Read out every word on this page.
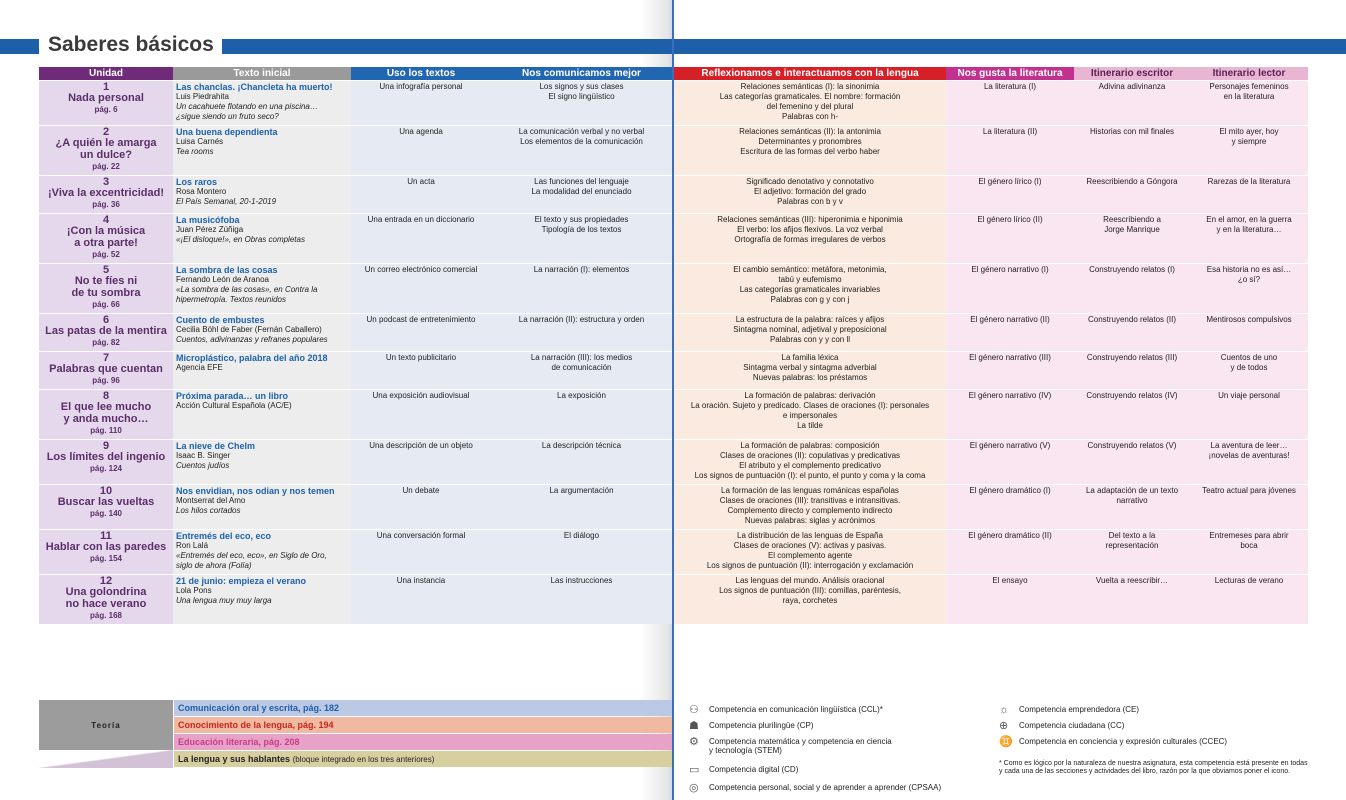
Saberes básicos
Unidad	Texto inicial	Uso los textos	Nos comunicamos mejor		Reflexionamos e interactuamos con la lengua	Nos gusta la literatura	Itinerario escritor	Itinerario lector

1
Nada personal
pág. 6	Las chanclas. ¡Chancleta ha muerto!
Luis Piedrahita
Un cacahuete flotando en una piscina…
¿sigue siendo un fruto seco?	Una infografía personal	Los signos y sus clases
El signo lingüístico		Relaciones semánticas (I): la sinonimia
Las categorías gramaticales. El nombre: formación
del femenino y del plural
Palabras con h-	La literatura (I)	Adivina adivinanza	Personajes femeninos
en la literatura

2
¿A quién le amarga
un dulce?
pág. 22	Una buena dependienta
Luisa Carnés
Tea rooms	Una agenda	La comunicación verbal y no verbal
Los elementos de la comunicación		Relaciones semánticas (II): la antonimia
Determinantes y pronombres
Escritura de las formas del verbo haber	La literatura (II)	Historias con mil finales	El mito ayer, hoy
y siempre

3
¡Viva la excentricidad!
pág. 36	Los raros
Rosa Montero
El País Semanal, 20-1-2019	Un acta	Las funciones del lenguaje
La modalidad del enunciado		Significado denotativo y connotativo
El adjetivo: formación del grado
Palabras con b y v	El género lírico (I)	Reescribiendo a Góngora	Rarezas de la literatura

4
¡Con la música
a otra parte!
pág. 52	La musicófoba
Juan Pérez Zúñiga
«¡El disloque!», en Obras completas	Una entrada en un diccionario	El texto y sus propiedades
Tipología de los textos		Relaciones semánticas (III): hiperonimia e hiponimia
El verbo: los afijos flexivos. La voz verbal
Ortografía de formas irregulares de verbos	El género lírico (II)	Reescribiendo a
Jorge Manrique	En el amor, en la guerra
y en la literatura…

5
No te fíes ni
de tu sombra
pág. 66	La sombra de las cosas
Fernando León de Aranoa
«La sombra de las cosas», en Contra la
hipermetropía. Textos reunidos	Un correo electrónico comercial	La narración (I): elementos		El cambio semántico: metáfora, metonimia,
tabú y eufemismo
Las categorías gramaticales invariables
Palabras con g y con j	El género narrativo (I)	Construyendo relatos (I)	Esa historia no es así…
¿o sí?

6
Las patas de la mentira
pág. 82	Cuento de embustes
Cecilia Böhl de Faber (Fernán Caballero)
Cuentos, adivinanzas y refranes populares	Un podcast de entretenimiento	La narración (II): estructura y orden		La estructura de la palabra: raíces y afijos
Sintagma nominal, adjetival y preposicional
Palabras con y y con ll	El género narrativo (II)	Construyendo relatos (II)	Mentirosos compulsivos

7
Palabras que cuentan
pág. 96	Microplástico, palabra del año 2018
Agencia EFE	Un texto publicitario	La narración (III): los medios
de comunicación		La familia léxica
Sintagma verbal y sintagma adverbial
Nuevas palabras: los préstamos	El género narrativo (III)	Construyendo relatos (III)	Cuentos de uno
y de todos

8
El que lee mucho
y anda mucho…
pág. 110	Próxima parada… un libro
Acción Cultural Española (AC/E)	Una exposición audiovisual	La exposición		La formación de palabras: derivación
La oración. Sujeto y predicado. Clases de oraciones (I): personales
e impersonales
La tilde	El género narrativo (IV)	Construyendo relatos (IV)	Un viaje personal

9
Los límites del ingenio
pág. 124	La nieve de Chelm
Isaac B. Singer
Cuentos judíos	Una descripción de un objeto	La descripción técnica		La formación de palabras: composición
Clases de oraciones (II): copulativas y predicativas
El atributo y el complemento predicativo
Los signos de puntuación (I): el punto, el punto y coma y la coma	El género narrativo (V)	Construyendo relatos (V)	La aventura de leer…
¡novelas de aventuras!

10
Buscar las vueltas
pág. 140	Nos envidian, nos odian y nos temen
Montserrat del Amo
Los hilos cortados	Un debate	La argumentación		La formación de las lenguas románicas españolas
Clases de oraciones (III): transitivas e intransitivas.
Complemento directo y complemento indirecto
Nuevas palabras: siglas y acrónimos	El género dramático (I)	La adaptación de un texto
narrativo	Teatro actual para jóvenes

11
Hablar con las paredes
pág. 154	Entremés del eco, eco
Ron Lalá
«Entremés del eco, eco», en Siglo de Oro,
siglo de ahora (Folía)	Una conversación formal	El diálogo		La distribución de las lenguas de España
Clases de oraciones (V): activas y pasivas.
El complemento agente
Los signos de puntuación (II): interrogación y exclamación	El género dramático (II)	Del texto a la
representación	Entremeses para abrir
boca

12
Una golondrina
no hace verano
pág. 168	21 de junio: empieza el verano
Lola Pons
Una lengua muy muy larga	Una instancia	Las instrucciones		Las lenguas del mundo. Análisis oracional
Los signos de puntuación (III): comillas, paréntesis,
raya, corchetes	El ensayo	Vuelta a reescribir…	Lecturas de verano
Teoría
Comunicación oral y escrita, pág. 182
Conocimiento de la lengua, pág. 194
Educación literaria, pág. 208
La lengua y sus hablantes (bloque integrado en los tres anteriores)	* Como es lógico por la naturaleza de nuestra asignatura, esta competencia está presente en todas y cada una de las secciones y actividades del libro, razón por la que obviamos poner el icono.
⚇	Competencia en comunicación lingüística (CCL)*
☗	Competencia plurilingüe (CP)
⚙	Competencia matemática y competencia en ciencia
y tecnología (STEM)
▭	Competencia digital (CD)
◎	Competencia personal, social y de aprender a aprender (CPSAA)
☼	Competencia emprendedora (CE)
⊕	Competencia ciudadana (CC)
♊ Competencia en conciencia y expresión culturales (CCEC)
